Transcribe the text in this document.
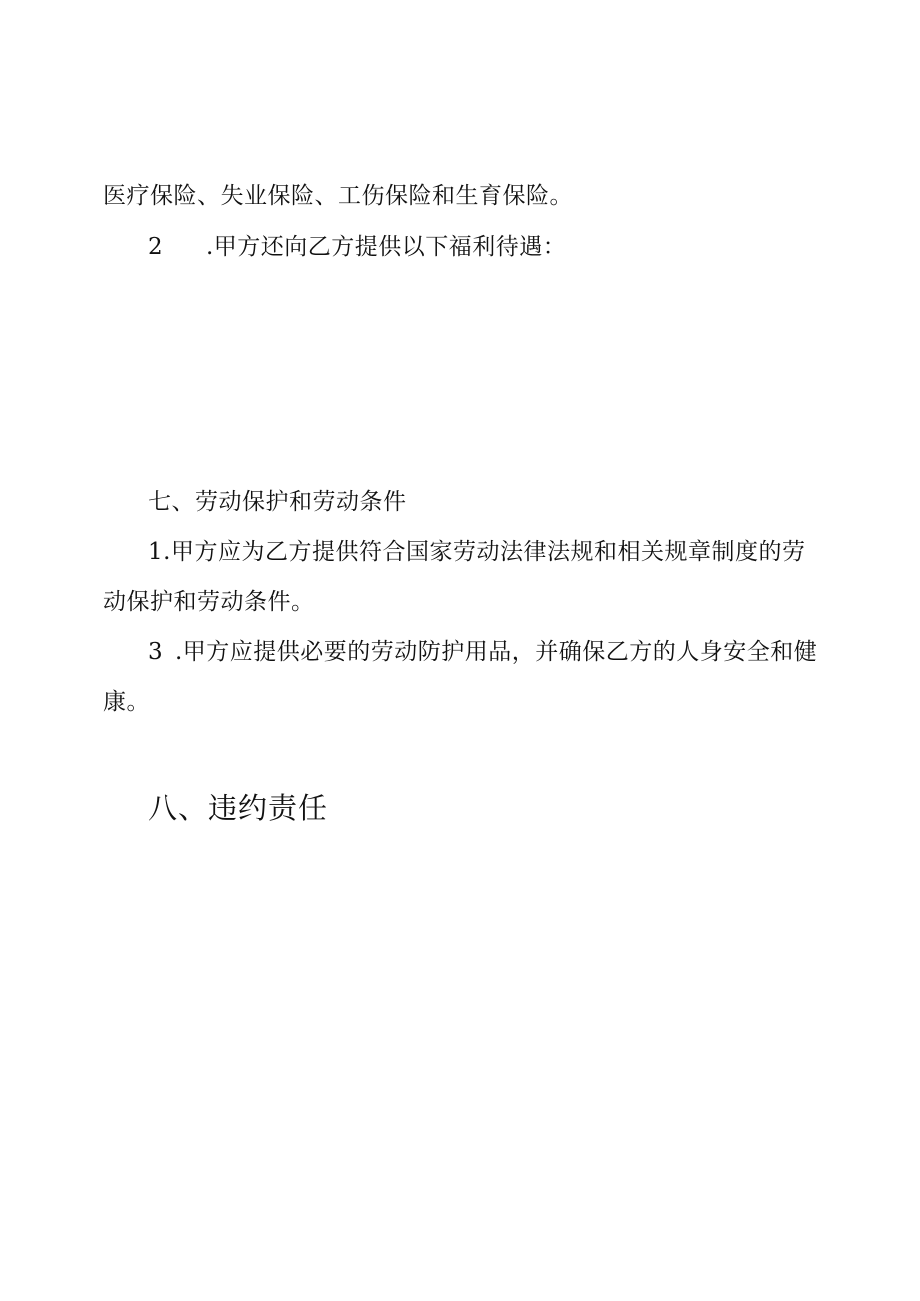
医疗保险、失业保险、工伤保险和生育保险。
2 .甲方还向乙方提供以下福利待遇：
七、劳动保护和劳动条件
1.甲方应为乙方提供符合国家劳动法律法规和相关规章制度的劳
动保护和劳动条件。
3 .甲方应提供必要的劳动防护用品，并确保乙方的人身安全和健
康。
八、违约责任
